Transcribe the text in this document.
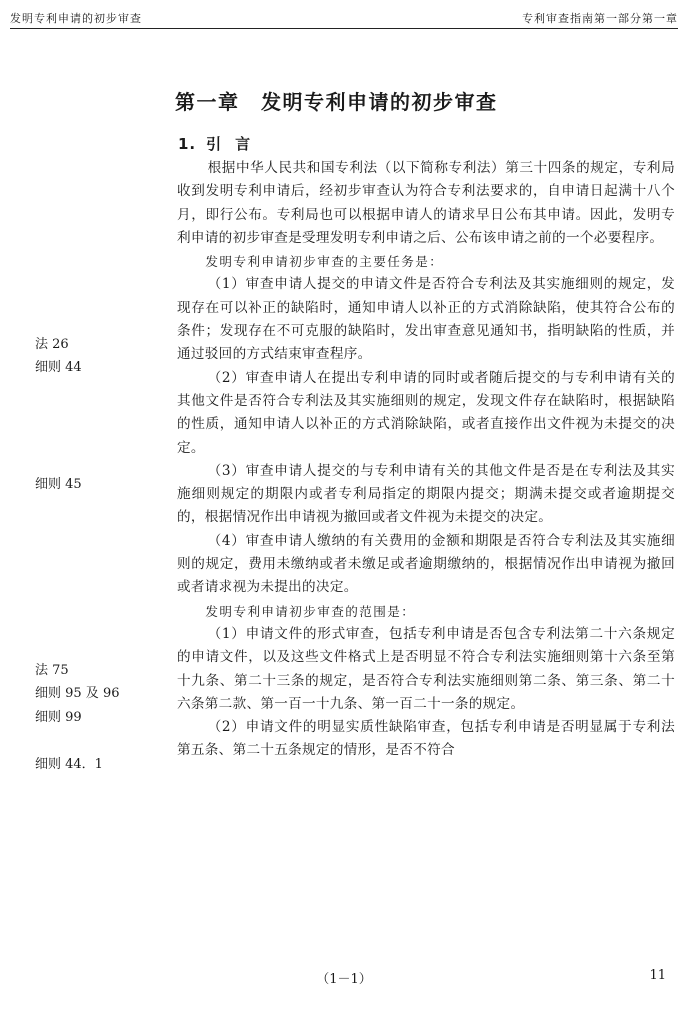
发明专利申请的初步审查	专利审查指南第一部分第一章
第一章　发明专利申请的初步审查
1. 引言

根据中华人民共和国专利法（以下简称专利法）第三十四条的规定，专利局收到发明专利申请后，经初步审查认为符合专利法要求的，自申请日起满十八个月，即行公布。专利局也可以根据申请人的请求早日公布其申请。因此，发明专利申请的初步审查是受理发明专利申请之后、公布该申请之前的一个必要程序。

发明专利申请初步审查的主要任务是：

（1）审查申请人提交的申请文件是否符合专利法及其实施细则的规定，发现存在可以补正的缺陷时，通知申请人以补正的方式消除缺陷，使其符合公布的条件；发现存在不可克服的缺陷时，发出审查意见通知书，指明缺陷的性质，并通过驳回的方式结束审查程序。

（2）审查申请人在提出专利申请的同时或者随后提交的与专利申请有关的其他文件是否符合专利法及其实施细则的规定，发现文件存在缺陷时，根据缺陷的性质，通知申请人以补正的方式消除缺陷，或者直接作出文件视为未提交的决定。

（3）审查申请人提交的与专利申请有关的其他文件是否是在专利法及其实施细则规定的期限内或者专利局指定的期限内提交；期满未提交或者逾期提交的，根据情况作出申请视为撤回或者文件视为未提交的决定。

（4）审查申请人缴纳的有关费用的金额和期限是否符合专利法及其实施细则的规定，费用未缴纳或者未缴足或者逾期缴纳的，根据情况作出申请视为撤回或者请求视为未提出的决定。

发明专利申请初步审查的范围是：

（1）申请文件的形式审查，包括专利申请是否包含专利法第二十六条规定的申请文件，以及这些文件格式上是否明显不符合专利法实施细则第十六条至第十九条、第二十三条的规定，是否符合专利法实施细则第二条、第三条、第二十六条第二款、第一百一十九条、第一百二十一条的规定。

（2）申请文件的明显实质性缺陷审查，包括专利申请是否明显属于专利法第五条、第二十五条规定的情形，是否不符合

法 26
细则 44
细则 45
法 75
细则 95 及 96
细则 99
细则 44．1
（1－1）	11
